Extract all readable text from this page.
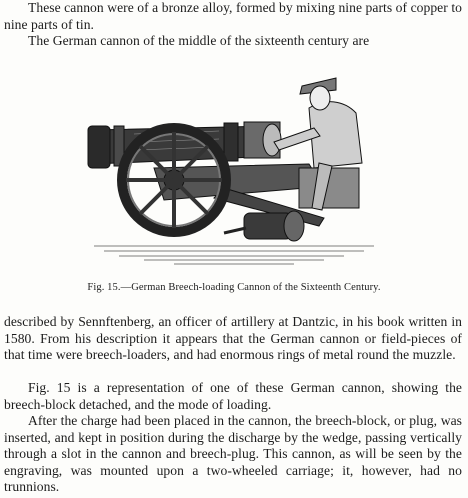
These cannon were of a bronze alloy, formed by mixing nine parts of copper to nine parts of tin.

The German cannon of the middle of the sixteenth century are

Fig. 15.—German Breech-loading Cannon of the Sixteenth Century.

described by Sennftenberg, an officer of artillery at Dantzic, in his book written in 1580. From his description it appears that the German cannon or field-pieces of that time were breech-loaders, and had enormous rings of metal round the muzzle.

Fig. 15 is a representation of one of these German cannon, showing the breech-block detached, and the mode of loading.

After the charge had been placed in the cannon, the breech-block, or plug, was inserted, and kept in position during the discharge by the wedge, passing vertically through a slot in the cannon and breech-plug. This cannon, as will be seen by the engraving, was mounted upon a two-wheeled carriage; it, however, had no trunnions.
